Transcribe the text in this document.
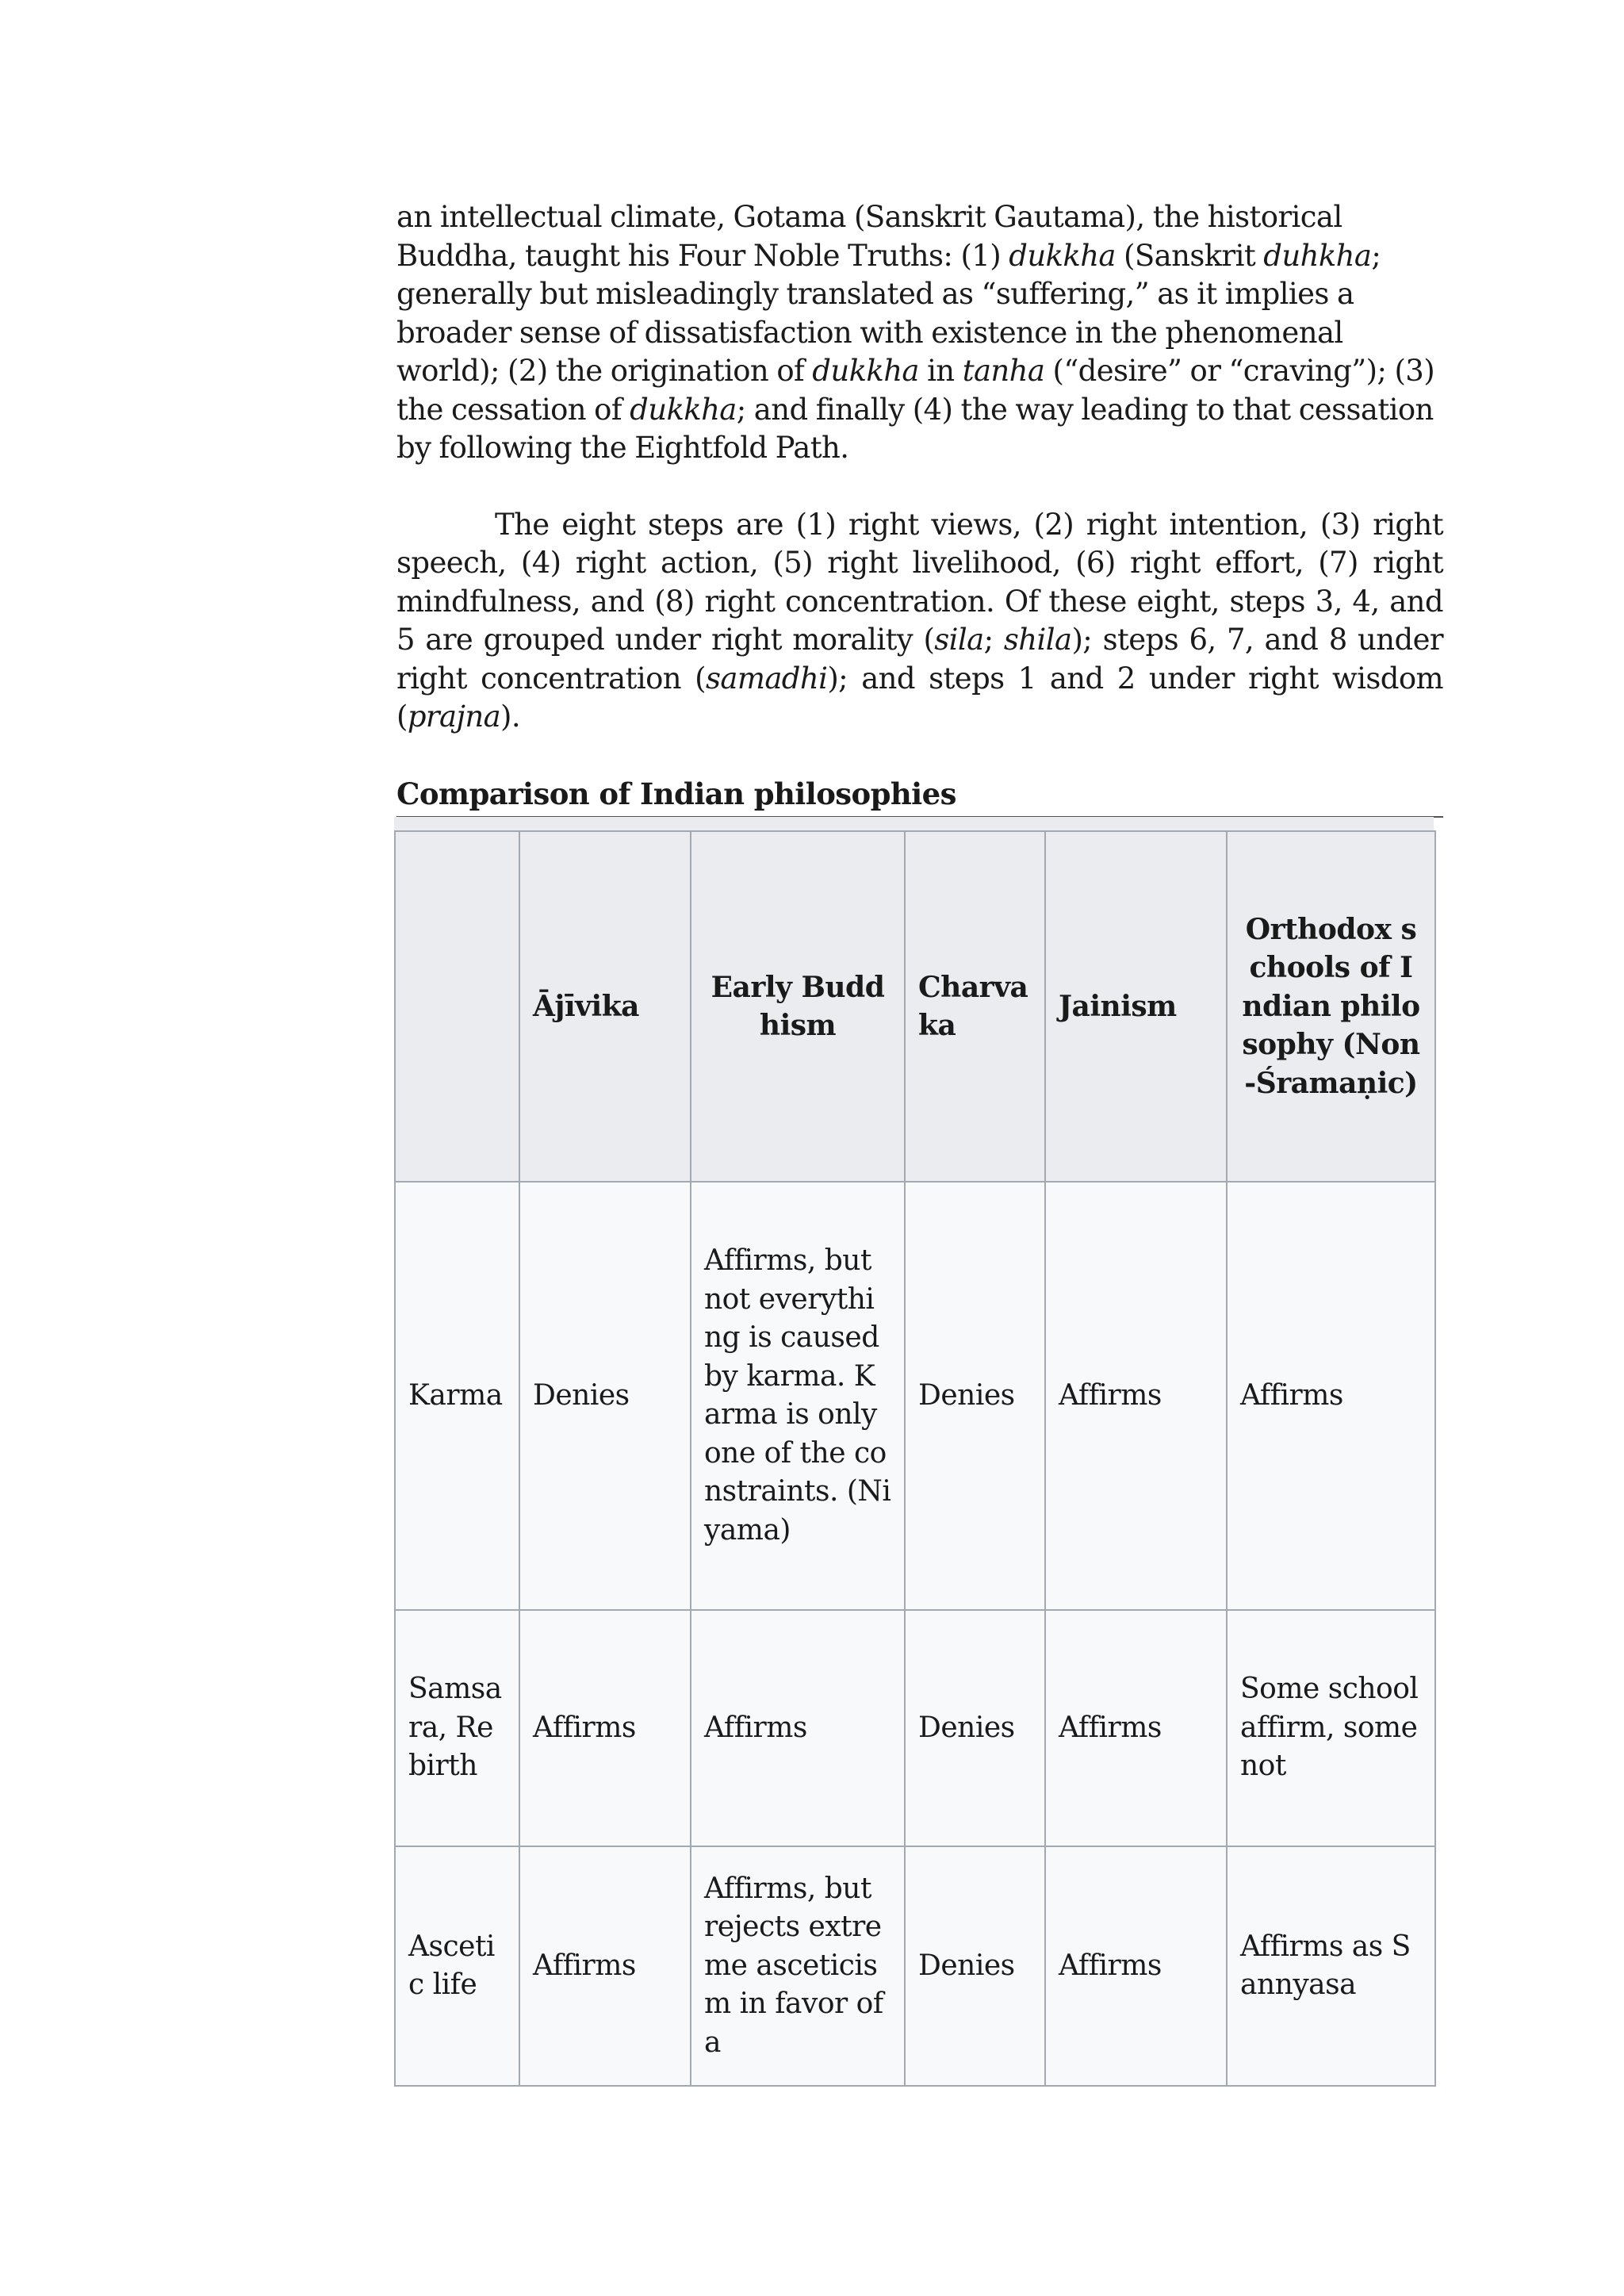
an intellectual climate, Gotama (Sanskrit Gautama), the historical Buddha, taught his Four Noble Truths: (1) dukkha (Sanskrit duhkha; generally but misleadingly translated as “suffering,” as it implies a broader sense of dissatisfaction with existence in the phenomenal world); (2) the origination of dukkha in tanha (“desire” or “craving”); (3) the cessation of dukkha; and finally (4) the way leading to that cessation by following the Eightfold Path.

The eight steps are (1) right views, (2) right intention, (3) right speech, (4) right action, (5) right livelihood, (6) right effort, (7) right mindfulness, and (8) right concentration. Of these eight, steps 3, 4, and 5 are grouped under right morality (sila; shila); steps 6, 7, and 8 under right concentration (samadhi); and steps 1 and 2 under right wisdom (prajna).

Comparison of Indian philosophies
	Ājīvika	Early Buddhism	Charvaka	Jainism	Orthodox schools of Indian philosophy (Non-Śramaṇic)
Karma	Denies	Affirms, but not everything is caused by karma. Karma is only one of the constraints. (Niyama)	Denies	Affirms	Affirms
Samsara, Rebirth	Affirms	Affirms	Denies	Affirms	Some school affirm, some not
Ascetic life	Affirms	Affirms, but rejects extreme asceticism in favor of a	Denies	Affirms	Affirms as Sannyasa
